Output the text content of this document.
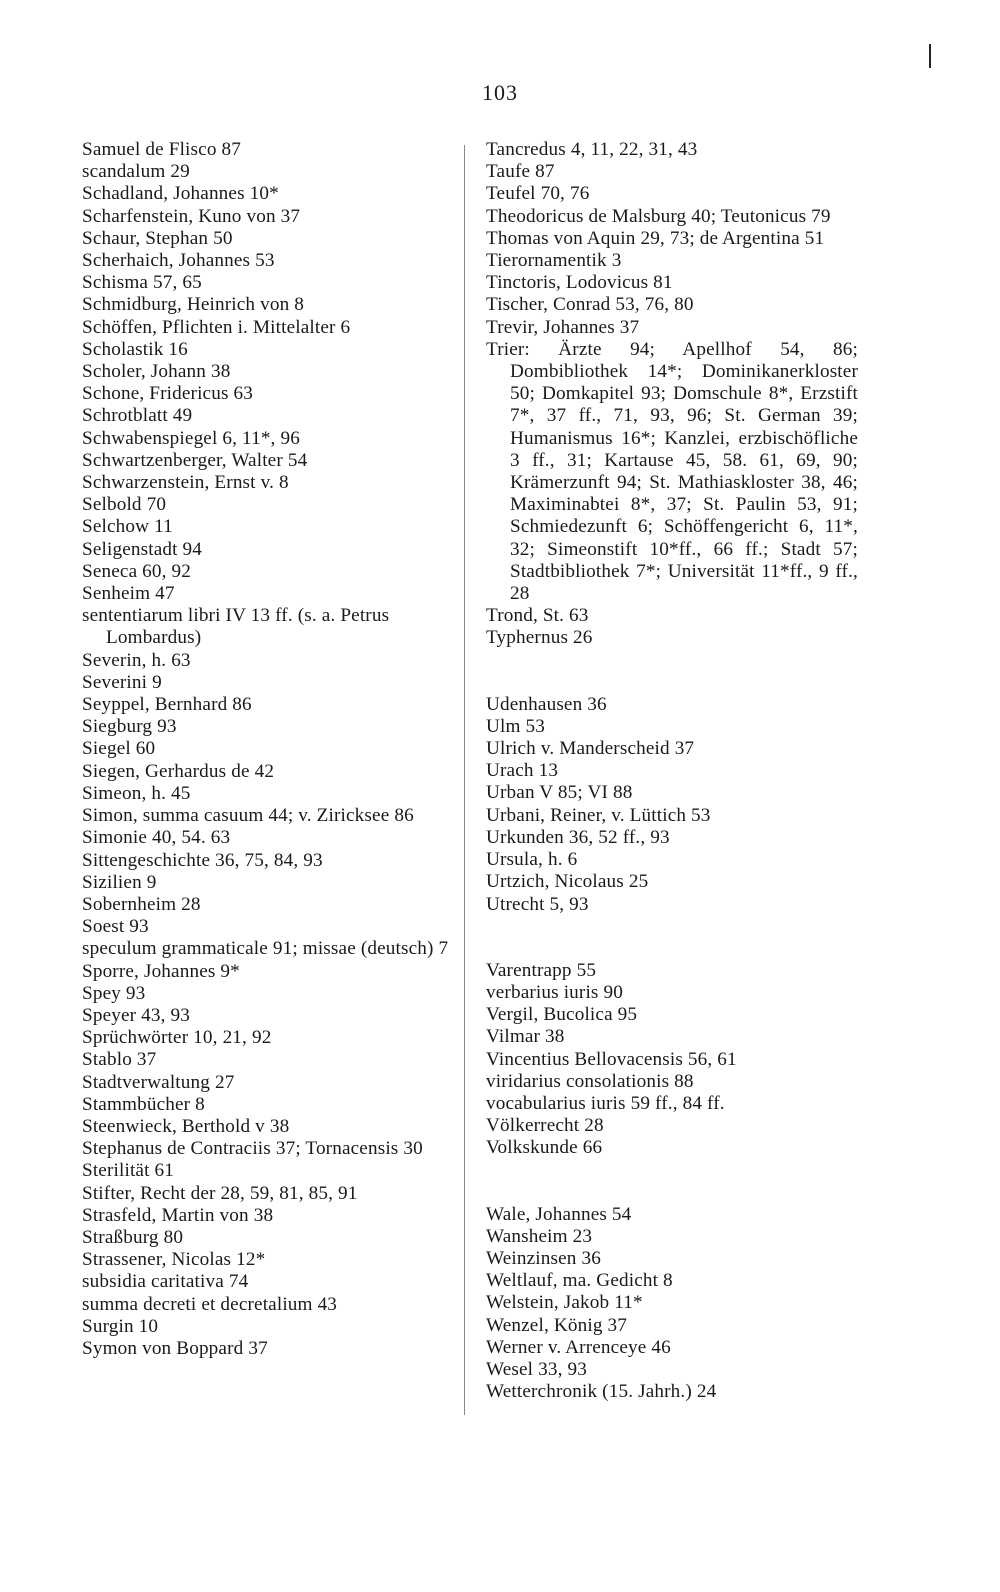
103

Samuel de Flisco 87

scandalum 29

Schadland, Johannes 10*

Scharfenstein, Kuno von 37

Schaur, Stephan 50

Scherhaich, Johannes 53

Schisma 57, 65

Schmidburg, Heinrich von 8

Schöffen, Pflichten i. Mittelalter 6

Scholastik 16

Scholer, Johann 38

Schone, Fridericus 63

Schrotblatt 49

Schwabenspiegel 6, 11*, 96

Schwartzenberger, Walter 54

Schwarzenstein, Ernst v. 8

Selbold 70

Selchow 11

Seligenstadt 94

Seneca 60, 92

Senheim 47

sententiarum libri IV 13 ff. (s. a. Petrus Lombardus)

Severin, h. 63

Severini 9

Seyppel, Bernhard 86

Siegburg 93

Siegel 60

Siegen, Gerhardus de 42

Simeon, h. 45

Simon, summa casuum 44; v. Ziricksee 86

Simonie 40, 54. 63

Sittengeschichte 36, 75, 84, 93

Sizilien 9

Sobernheim 28

Soest 93

speculum grammaticale 91; missae (deutsch) 7

Sporre, Johannes 9*

Spey 93

Speyer 43, 93

Sprüchwörter 10, 21, 92

Stablo 37

Stadtverwaltung 27

Stammbücher 8

Steenwieck, Berthold v 38

Stephanus de Contraciis 37; Tornacensis 30

Sterilität 61

Stifter, Recht der 28, 59, 81, 85, 91

Strasfeld, Martin von 38

Straßburg 80

Strassener, Nicolas 12*

subsidia caritativa 74

summa decreti et decretalium 43

Surgin 10

Symon von Boppard 37

Tancredus 4, 11, 22, 31, 43

Taufe 87

Teufel 70, 76

Theodoricus de Malsburg 40; Teutonicus 79

Thomas von Aquin 29, 73; de Argentina 51

Tierornamentik 3

Tinctoris, Lodovicus 81

Tischer, Conrad 53, 76, 80

Trevir, Johannes 37

Trier: Ärzte 94; Apellhof 54, 86; Dombibliothek 14*; Dominikanerkloster 50; Domkapitel 93; Domschule 8*, Erzstift 7*, 37 ff., 71, 93, 96; St. German 39; Humanismus 16*; Kanzlei, erzbischöfliche 3 ff., 31; Kartause 45, 58. 61, 69, 90; Krämerzunft 94; St. Mathiaskloster 38, 46; Maximinabtei 8*, 37; St. Paulin 53, 91; Schmiedezunft 6; Schöffengericht 6, 11*, 32; Simeonstift 10*ff., 66 ff.; Stadt 57; Stadtbibliothek 7*; Universität 11*ff., 9 ff., 28

Trond, St. 63

Typhernus 26

Udenhausen 36

Ulm 53

Ulrich v. Manderscheid 37

Urach 13

Urban V 85; VI 88

Urbani, Reiner, v. Lüttich 53

Urkunden 36, 52 ff., 93

Ursula, h. 6

Urtzich, Nicolaus 25

Utrecht 5, 93

Varentrapp 55

verbarius iuris 90

Vergil, Bucolica 95

Vilmar 38

Vincentius Bellovacensis 56, 61

viridarius consolationis 88

vocabularius iuris 59 ff., 84 ff.

Völkerrecht 28

Volkskunde 66

Wale, Johannes 54

Wansheim 23

Weinzinsen 36

Weltlauf, ma. Gedicht 8

Welstein, Jakob 11*

Wenzel, König 37

Werner v. Arrenceye 46

Wesel 33, 93

Wetterchronik (15. Jahrh.) 24
